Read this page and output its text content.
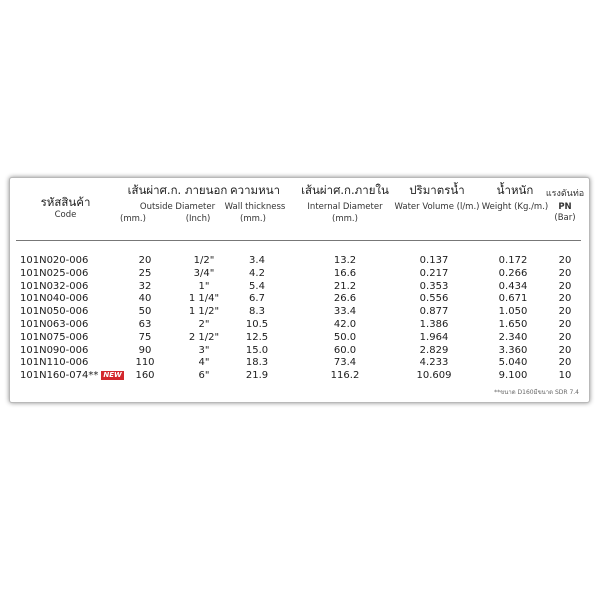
รหัสสินค้า
Code
เส้นผ่าศ.ก. ภายนอก
Outside Diameter
(mm.)	(Inch)
ความหนา
Wall thickness
(mm.)
เส้นผ่าศ.ก.ภายใน
Internal Diameter
(mm.)
ปริมาตรน้ำ
Water Volume (l/m.)
น้ำหนัก
Weight (Kg./m.)
แรงดันท่อ
PN
(Bar)
101N020-006	20	1/2"	3.4	13.2	0.137	0.172	20
101N025-006	25	3/4"	4.2	16.6	0.217	0.266	20
101N032-006	32	1"	5.4	21.2	0.353	0.434	20
101N040-006	40	1 1/4"	6.7	26.6	0.556	0.671	20
101N050-006	50	1 1/2"	8.3	33.4	0.877	1.050	20
101N063-006	63	2"	10.5	42.0	1.386	1.650	20
101N075-006	75	2 1/2"	12.5	50.0	1.964	2.340	20
101N090-006	90	3"	15.0	60.0	2.829	3.360	20
101N110-006	110	4"	18.3	73.4	4.233	5.040	20
101N160-074** NEW	160	6"	21.9	116.2	10.609	9.100	10
**ขนาด D160มีขนาด SDR 7.4
